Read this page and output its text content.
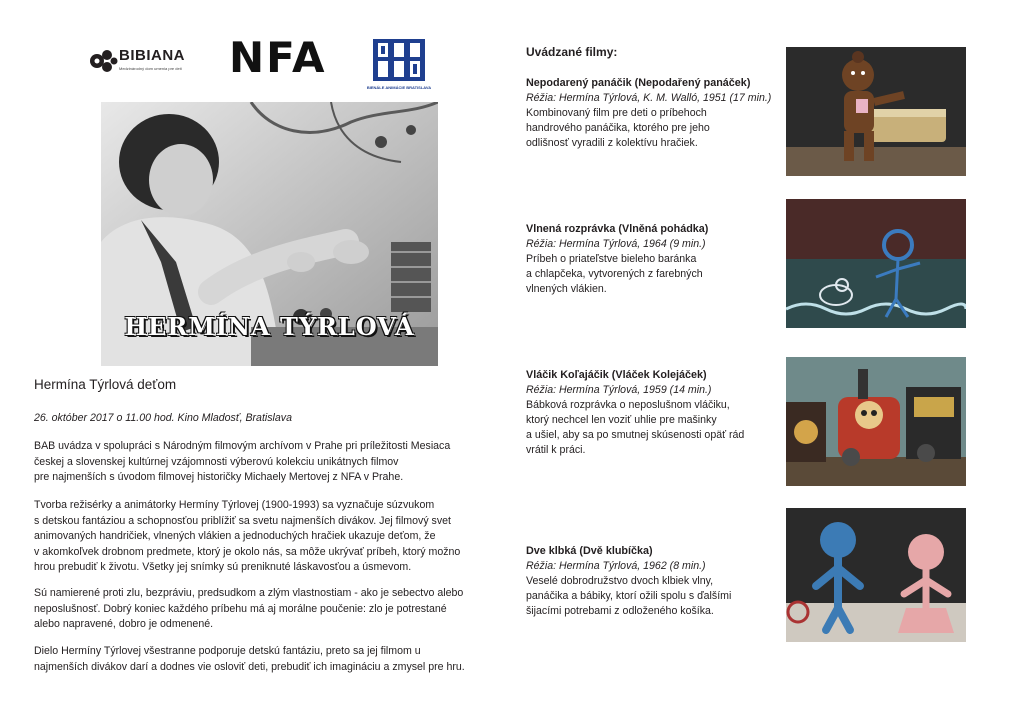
BIBIANA
Medzinárodný dom umenia pre deti NFA
BIENÁLE ANIMÁCIE BRATISLAVA
HERMÍNA TÝRLOVÁ
Hermína Týrlová deťom
26. október 2017 o 11.00 hod. Kino Mladosť, Bratislava
BAB uvádza v spolupráci s Národným filmovým archívom v Prahe pri príležitosti Mesiaca
českej a slovenskej kultúrnej vzájomnosti výberovú kolekciu unikátnych filmov
pre najmenších s úvodom filmovej historičky Michaely Mertovej z NFA v Prahe.
Tvorba režisérky a animátorky Hermíny Týrlovej (1900-1993) sa vyznačuje súzvukom
s detskou fantáziou a schopnosťou priblížiť sa svetu najmenších divákov. Jej filmový svet
animovaných handričiek, vlnených vlákien a jednoduchých hračiek ukazuje deťom, že
v akomkoľvek drobnom predmete, ktorý je okolo nás, sa môže ukrývať príbeh, ktorý možno
hrou prebudiť k životu. Všetky jej snímky sú preniknuté láskavosťou a úsmevom.
Sú namierené proti zlu, bezpráviu, predsudkom a zlým vlastnostiam - ako je sebectvo alebo
neposlušnosť. Dobrý koniec každého príbehu má aj morálne poučenie: zlo je potrestané
alebo napravené, dobro je odmenené.
Dielo Hermíny Týrlovej všestranne podporuje detskú fantáziu, preto sa jej filmom u
najmenších divákov darí a dodnes vie osloviť deti, prebudiť ich imagináciu a zmysel pre hru.
Uvádzané filmy:
Nepodarený panáčik (Nepodařený panáček)
Réžia: Hermína Týrlová, K. M. Walló, 1951 (17 min.)
Kombinovaný film pre deti o príbehoch
handrového panáčika, ktorého pre jeho
odlišnosť vyradili z kolektívu hračiek.
Vlnená rozprávka (Vlněná pohádka)
Réžia: Hermína Týrlová, 1964 (9 min.)
Príbeh o priateľstve bieleho baránka
a chlapčeka, vytvorených z farebných
vlnených vlákien.
Vláčik Koľajáčik (Vláček Kolejáček)
Réžia: Hermína Týrlová, 1959 (14 min.)
Bábková rozprávka o neposlušnom vláčiku,
ktorý nechcel len voziť uhlie pre mašinky
a ušiel, aby sa po smutnej skúsenosti opäť rád
vrátil k práci.
Dve klbká (Dvě klubíčka)
Réžia: Hermína Týrlová, 1962 (8 min.)
Veselé dobrodružstvo dvoch klbiek vlny,
panáčika a bábiky, ktorí ožili spolu s ďalšími
šijacími potrebami z odloženého košíka.
